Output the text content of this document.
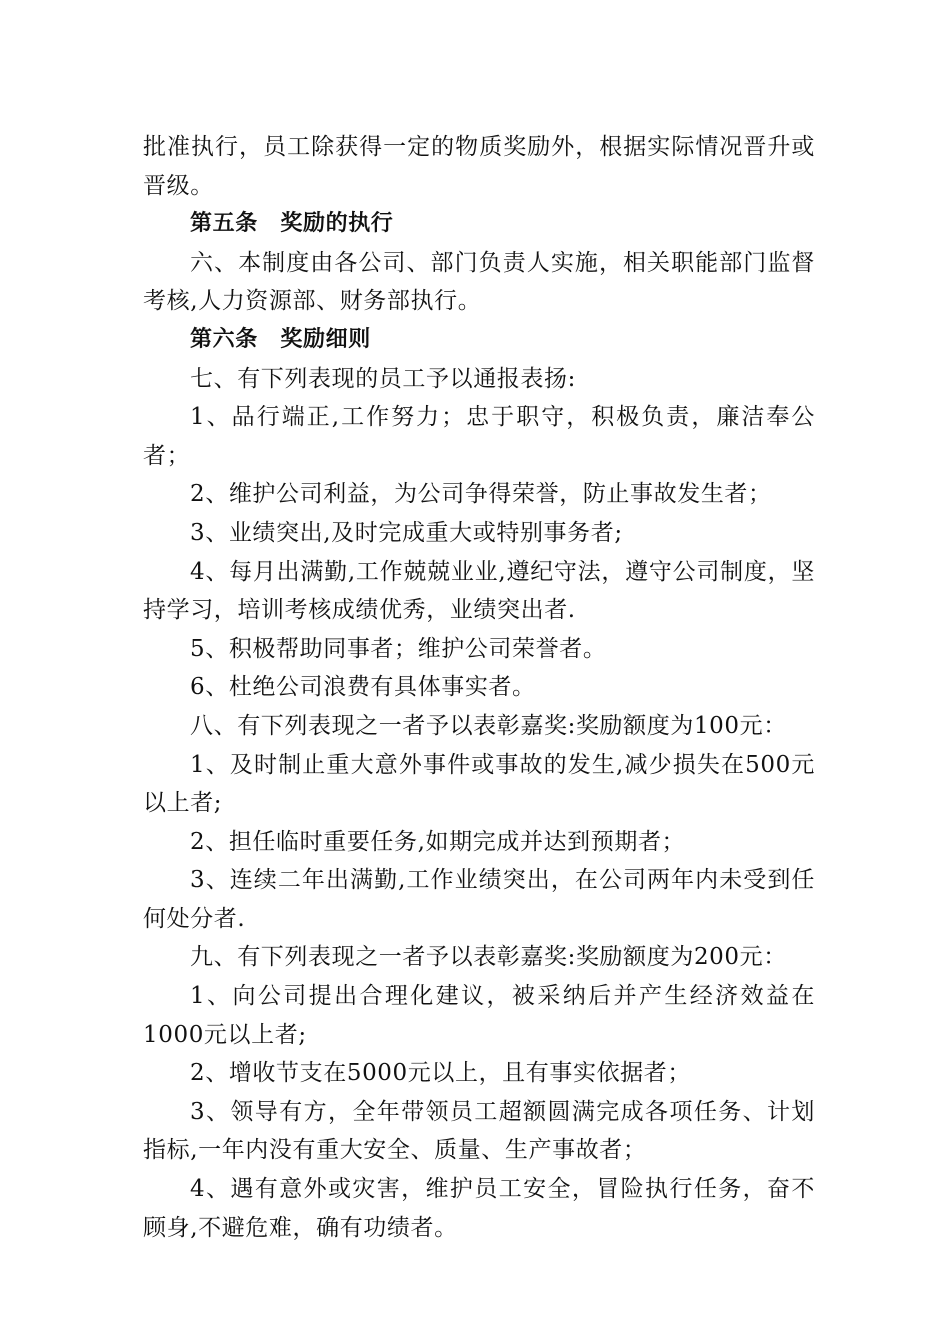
批准执行，员工除获得一定的物质奖励外，根据实际情况晋升或晋级。

第五条　奖励的执行

六、本制度由各公司、部门负责人实施，相关职能部门监督考核,人力资源部、财务部执行。

第六条　奖励细则

七、有下列表现的员工予以通报表扬:

1、品行端正,工作努力；忠于职守，积极负责，廉洁奉公者；

2、维护公司利益，为公司争得荣誉，防止事故发生者；

3、业绩突出,及时完成重大或特别事务者;

4、每月出满勤,工作兢兢业业,遵纪守法，遵守公司制度，坚持学习，培训考核成绩优秀，业绩突出者.

5、积极帮助同事者；维护公司荣誉者。

6、杜绝公司浪费有具体事实者。

八、有下列表现之一者予以表彰嘉奖:奖励额度为100元：

1、及时制止重大意外事件或事故的发生,减少损失在500元以上者;

2、担任临时重要任务,如期完成并达到预期者；

3、连续二年出满勤,工作业绩突出，在公司两年内未受到任何处分者.

九、有下列表现之一者予以表彰嘉奖:奖励额度为200元：

1、向公司提出合理化建议，被采纳后并产生经济效益在1000元以上者;

2、增收节支在5000元以上，且有事实依据者；

3、领导有方，全年带领员工超额圆满完成各项任务、计划指标,一年内没有重大安全、质量、生产事故者；

4、遇有意外或灾害，维护员工安全，冒险执行任务，奋不顾身,不避危难，确有功绩者。
